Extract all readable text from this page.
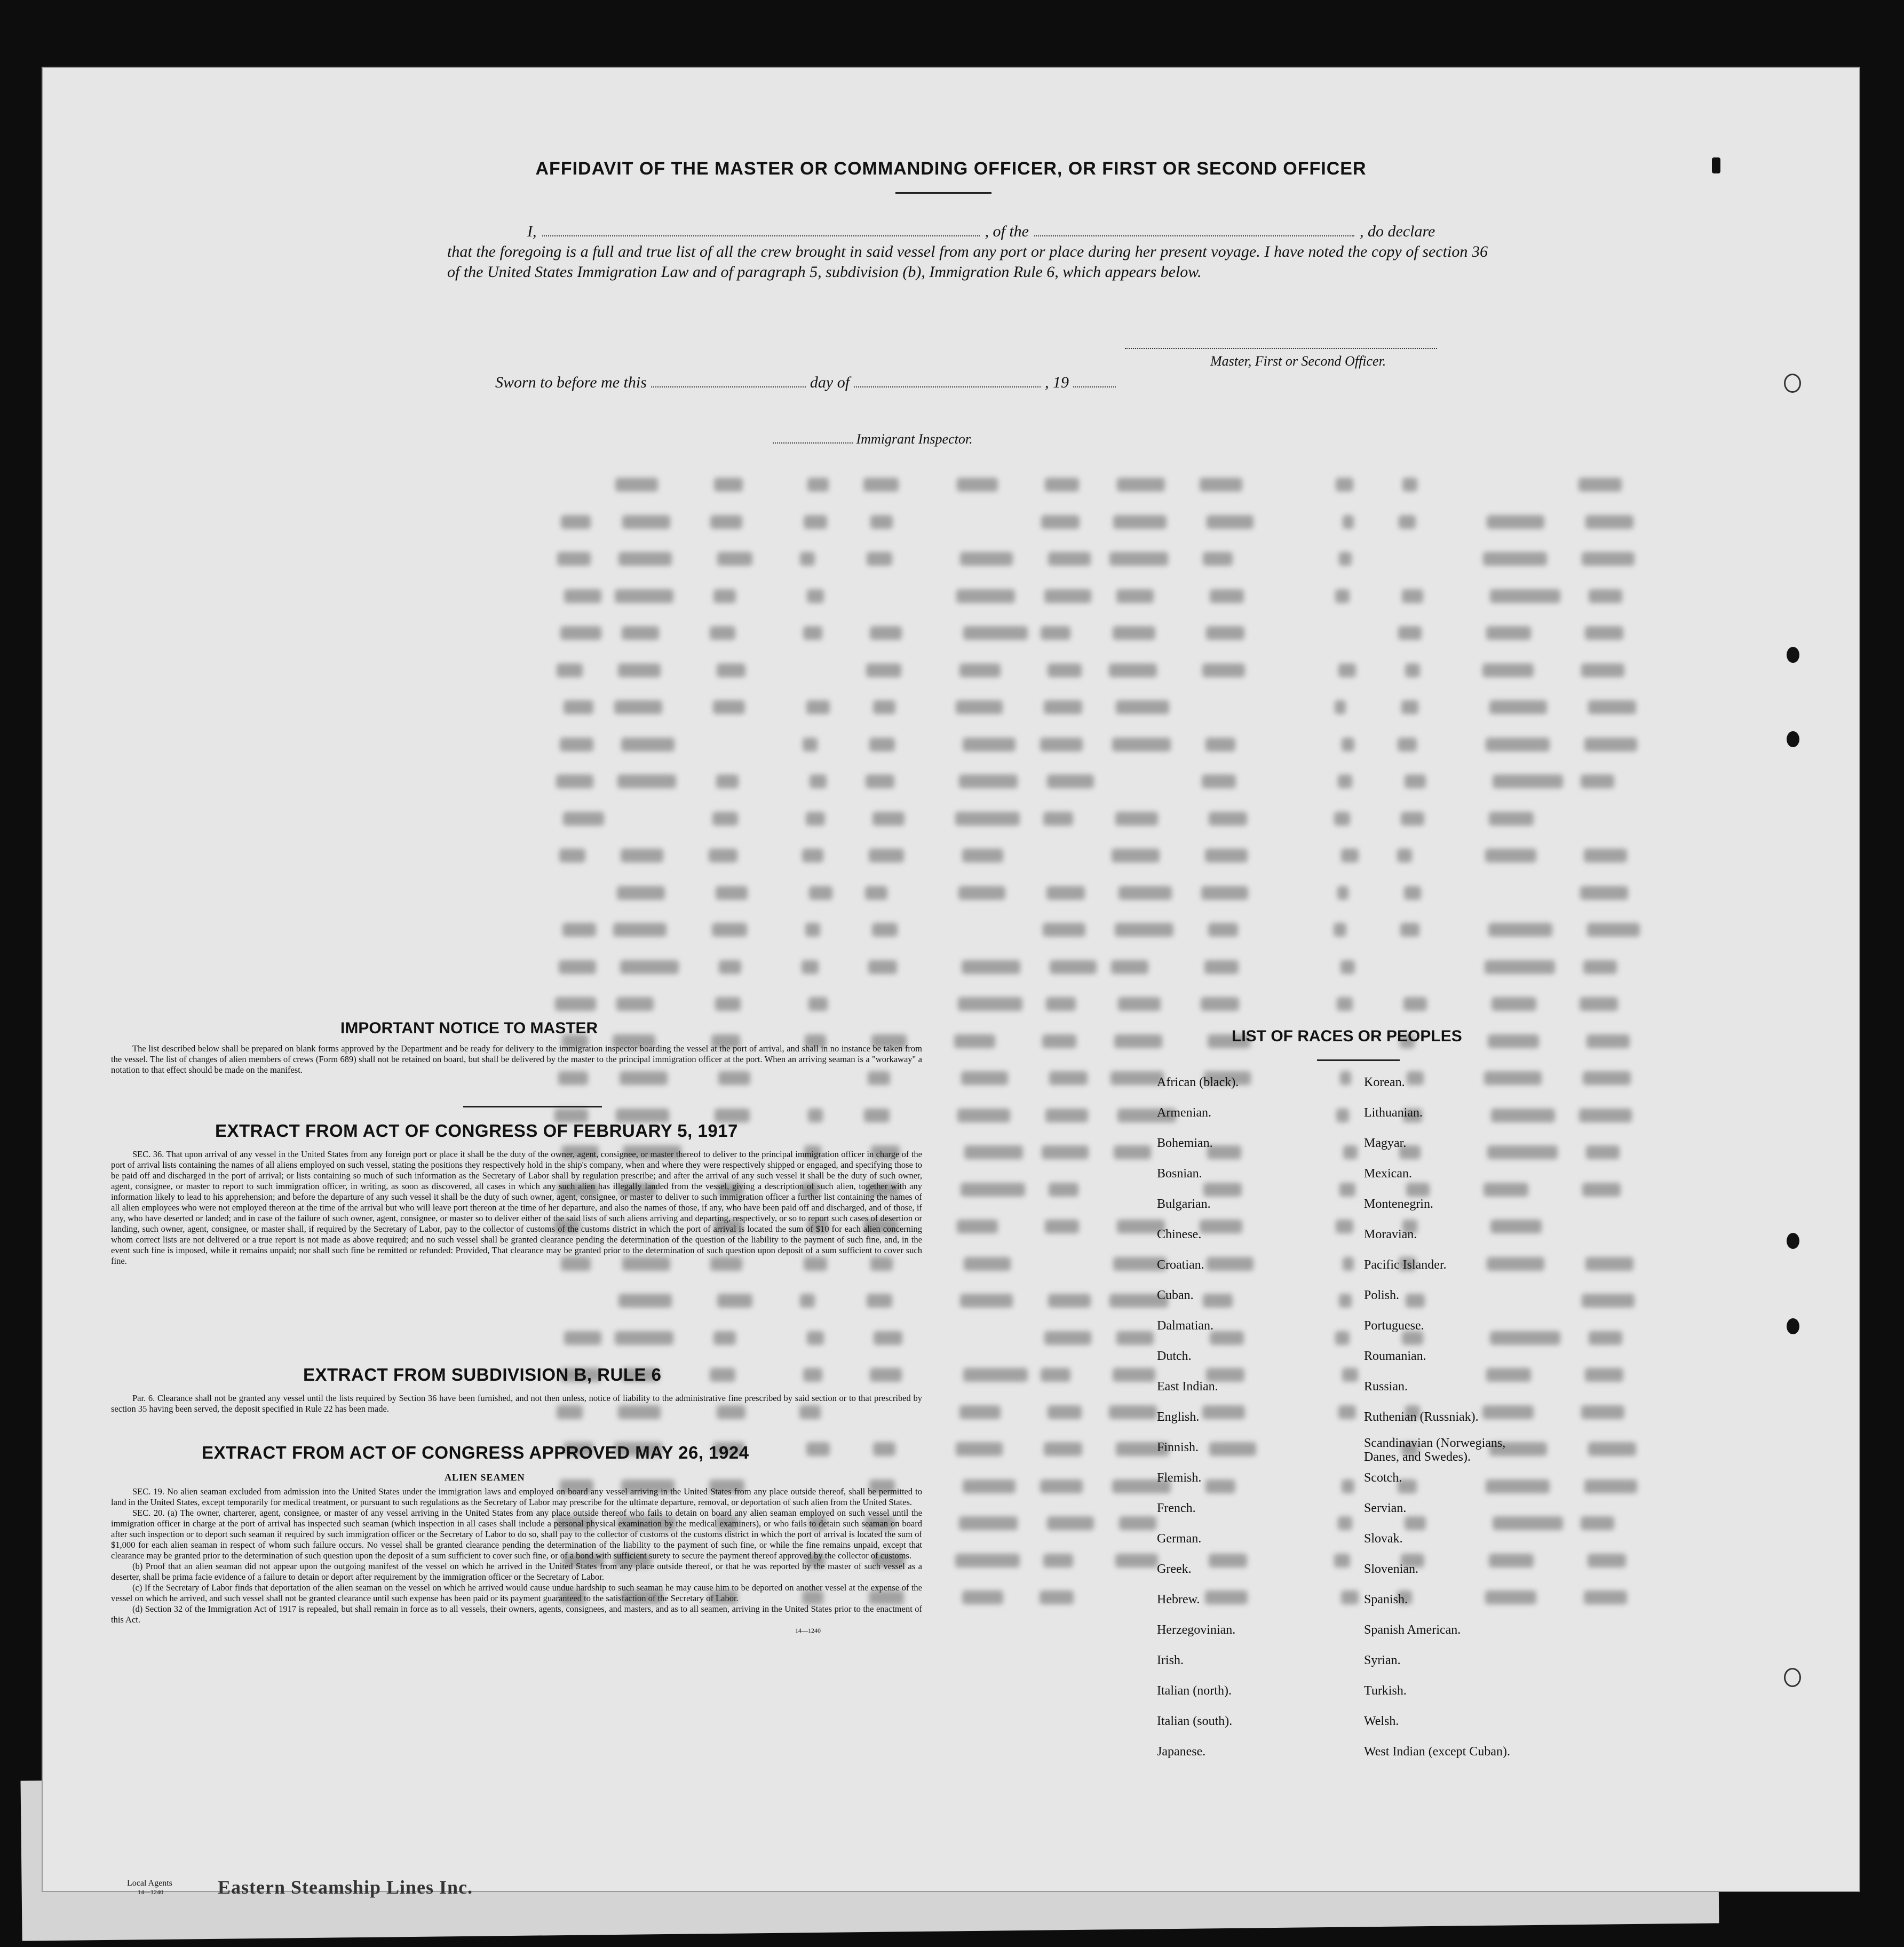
AFFIDAVIT OF THE MASTER OR COMMANDING OFFICER, OR FIRST OR SECOND OFFICER
I,	, of the	, do declare
that the foregoing is a full and true list of all the crew brought in said vessel from any port or place during her present voyage. I have noted the copy of section 36 of the United States Immigration Law and of paragraph 5, subdivision (b), Immigration Rule 6, which appears below.
Master, First or Second Officer.
Sworn to before me this	day of	, 19
Immigrant Inspector.
IMPORTANT NOTICE TO MASTER
The list described below shall be prepared on blank forms approved by the Department and be ready for delivery to the immigration inspector boarding the vessel at the port of arrival, and shall in no instance be taken from the vessel. The list of changes of alien members of crews (Form 689) shall not be retained on board, but shall be delivered by the master to the principal immigration officer at the port. When an arriving seaman is a "workaway" a notation to that effect should be made on the manifest.
EXTRACT FROM ACT OF CONGRESS OF FEBRUARY 5, 1917
SEC. 36. That upon arrival of any vessel in the United States from any foreign port or place it shall be the duty of the owner, agent, consignee, or master thereof to deliver to the principal immigration officer in charge of the port of arrival lists containing the names of all aliens employed on such vessel, stating the positions they respectively hold in the ship's company, when and where they were respectively shipped or engaged, and specifying those to be paid off and discharged in the port of arrival; or lists containing so much of such information as the Secretary of Labor shall by regulation prescribe; and after the arrival of any such vessel it shall be the duty of such owner, agent, consignee, or master to report to such immigration officer, in writing, as soon as discovered, all cases in which any such alien has illegally landed from the vessel, giving a description of such alien, together with any information likely to lead to his apprehension; and before the departure of any such vessel it shall be the duty of such owner, agent, consignee, or master to deliver to such immigration officer a further list containing the names of all alien employees who were not employed thereon at the time of the arrival but who will leave port thereon at the time of her departure, and also the names of those, if any, who have been paid off and discharged, and of those, if any, who have deserted or landed; and in case of the failure of such owner, agent, consignee, or master so to deliver either of the said lists of such aliens arriving and departing, respectively, or so to report such cases of desertion or landing, such owner, agent, consignee, or master shall, if required by the Secretary of Labor, pay to the collector of customs of the customs district in which the port of arrival is located the sum of $10 for each alien concerning whom correct lists are not delivered or a true report is not made as above required; and no such vessel shall be granted clearance pending the determination of the question of the liability to the payment of such fine, and, in the event such fine is imposed, while it remains unpaid; nor shall such fine be remitted or refunded: Provided, That clearance may be granted prior to the determination of such question upon deposit of a sum sufficient to cover such fine.
EXTRACT FROM SUBDIVISION B, RULE 6
Par. 6. Clearance shall not be granted any vessel until the lists required by Section 36 have been furnished, and not then unless, notice of liability to the administrative fine prescribed by said section or to that prescribed by section 35 having been served, the deposit specified in Rule 22 has been made.
EXTRACT FROM ACT OF CONGRESS APPROVED MAY 26, 1924
ALIEN SEAMEN
SEC. 19. No alien seaman excluded from admission into the United States under the immigration laws and employed on board any vessel arriving in the United States from any place outside thereof, shall be permitted to land in the United States, except temporarily for medical treatment, or pursuant to such regulations as the Secretary of Labor may prescribe for the ultimate departure, removal, or deportation of such alien from the United States.
SEC. 20. (a) The owner, charterer, agent, consignee, or master of any vessel arriving in the United States from any place outside thereof who fails to detain on board any alien seaman employed on such vessel until the immigration officer in charge at the port of arrival has inspected such seaman (which inspection in all cases shall include a personal physical examination by the medical examiners), or who fails to detain such seaman on board after such inspection or to deport such seaman if required by such immigration officer or the Secretary of Labor to do so, shall pay to the collector of customs of the customs district in which the port of arrival is located the sum of $1,000 for each alien seaman in respect of whom such failure occurs. No vessel shall be granted clearance pending the determination of the liability to the payment of such fine, or while the fine remains unpaid, except that clearance may be granted prior to the determination of such question upon the deposit of a sum sufficient to cover such fine, or of a bond with sufficient surety to secure the payment thereof approved by the collector of customs.
(b) Proof that an alien seaman did not appear upon the outgoing manifest of the vessel on which he arrived in the United States from any place outside thereof, or that he was reported by the master of such vessel as a deserter, shall be prima facie evidence of a failure to detain or deport after requirement by the immigration officer or the Secretary of Labor.
(c) If the Secretary of Labor finds that deportation of the alien seaman on the vessel on which he arrived would cause undue hardship to such seaman he may cause him to be deported on another vessel at the expense of the vessel on which he arrived, and such vessel shall not be granted clearance until such expense has been paid or its payment guaranteed to the satisfaction of the Secretary of Labor.
(d) Section 32 of the Immigration Act of 1917 is repealed, but shall remain in force as to all vessels, their owners, agents, consignees, and masters, and as to all seamen, arriving in the United States prior to the enactment of this Act.
14—1240
LIST OF RACES OR PEOPLES
African (black).
Armenian.
Bohemian.
Bosnian.
Bulgarian.
Chinese.
Croatian.
Cuban.
Dalmatian.
Dutch.
East Indian.
English.
Finnish.
Flemish.
French.
German.
Greek.
Hebrew.
Herzegovinian.
Irish.
Italian (north).
Italian (south).
Japanese.
Korean.
Lithuanian.
Magyar.
Mexican.
Montenegrin.
Moravian.
Pacific Islander.
Polish.
Portuguese.
Roumanian.
Russian.
Ruthenian (Russniak).
Scandinavian (Norwegians, Danes, and Swedes).
Scotch.
Servian.
Slovak.
Slovenian.
Spanish.
Spanish American.
Syrian.
Turkish.
Welsh.
West Indian (except Cuban).
Local Agents
14—1240	Eastern Steamship Lines Inc.
